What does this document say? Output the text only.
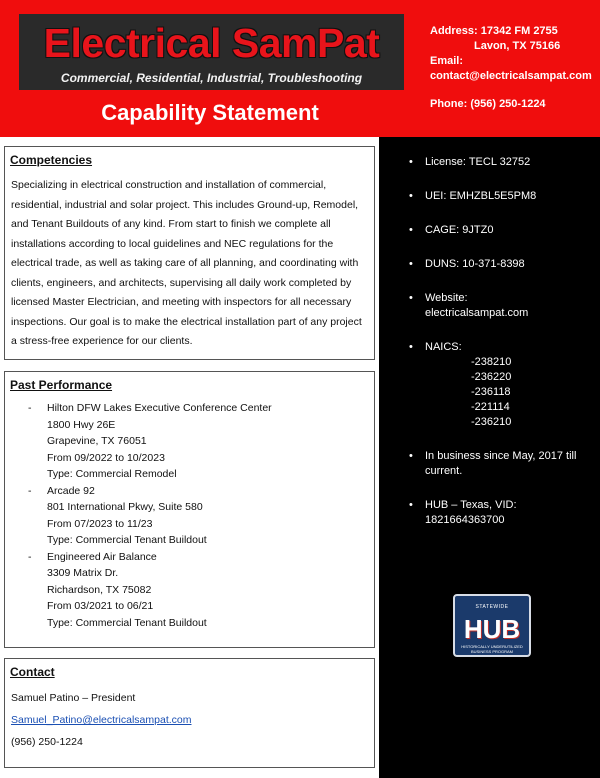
Electrical SamPat
Commercial, Residential, Industrial, Troubleshooting
Capability Statement
Address: 17342 FM 2755
Lavon, TX 75166
Email:
contact@electricalsampat.com
Phone: (956) 250-1224
Competencies

Specializing in electrical construction and installation of commercial, residential, industrial and solar project. This includes Ground-up, Remodel, and Tenant Buildouts of any kind. From start to finish we complete all installations according to local guidelines and NEC regulations for the electrical trade, as well as taking care of all planning, and coordinating with clients, engineers, and architects, supervising all daily work completed by licensed Master Electrician, and meeting with inspectors for all necessary inspections. Our goal is to make the electrical installation part of any project a stress-free experience for our clients.

Past Performance
- Hilton DFW Lakes Executive Conference Center
1800 Hwy 26E
Grapevine, TX 76051
From 09/2022 to 10/2023
Type: Commercial Remodel
- Arcade 92
801 International Pkwy, Suite 580
From 07/2023 to 11/23
Type: Commercial Tenant Buildout
- Engineered Air Balance
3309 Matrix Dr.
Richardson, TX 75082
From 03/2021 to 06/21
Type: Commercial Tenant Buildout
Contact
Samuel Patino – President
Samuel_Patino@electricalsampat.com
(956) 250-1224
• License: TECL 32752
• UEI: EMHZBL5E5PM8
• CAGE: 9JTZ0
• DUNS: 10-371-8398
• Website:
electricalsampat.com
• NAICS:
-238210
-236220
-236118
-221114
-236210
• In business since May, 2017 till current.
• HUB – Texas, VID: 1821664363700
STATEWIDE
HUB
HISTORICALLY UNDERUTILIZED BUSINESS PROGRAM
